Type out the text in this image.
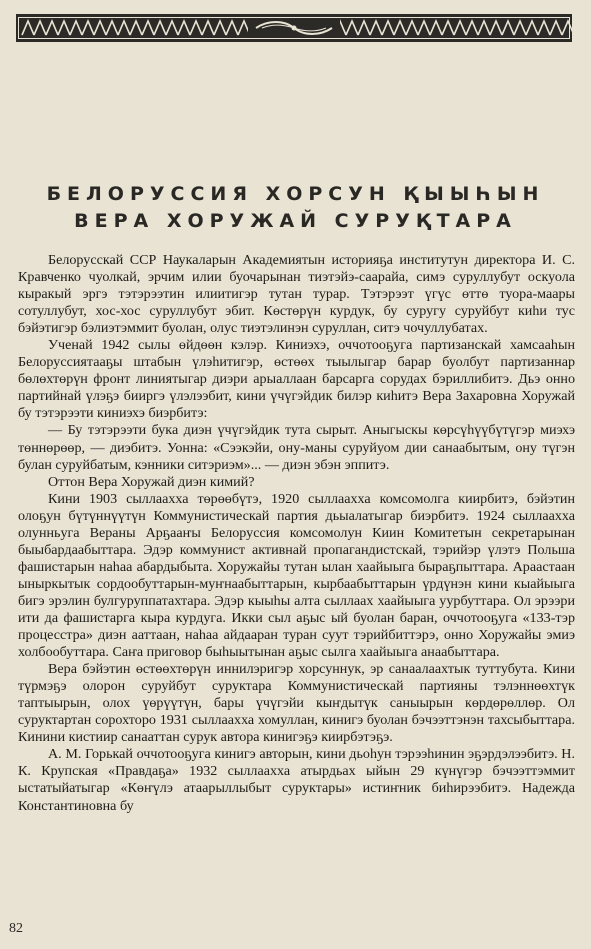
БЕЛОРУССИЯ ХОРСУН ҚЫЫҺЫН
ВЕРА ХОРУЖАЙ СУРУҚТАРА

Белорусскай ССР Наукаларын Академиятын историяҕа институтун директора И. С. Кравченко чуолкай, эрчим илии буочарынан тиэтэйэ-саарайа, симэ суруллубут оскуола кыракый эргэ тэтэрээтин илиитигэр тутан турар. Тэтэрээт үгүс өттө туора-маары сотуллубут, хос-хос суруллубут эбит. Көстөрүн курдук, бу суругу суруйбут киһи тус бэйэтигэр бэлиэтэммит буолан, олус тиэтэлинэн суруллан, ситэ чочуллубатах.

Ученай 1942 сылы өйдөөн кэлэр. Киниэхэ, оччотооҕуга партизанскай хамсааһын Белоруссиятааҕы штабын үлэһитигэр, өстөөх тыылыгар барар буолбут партизаннар бөлөхтөрүн фронт линиятыгар диэри арыаллаан барсарга сорудах бэриллибитэ. Дьэ онно партийнай үлэҕэ бииргэ үлэлээбит, кини үчүгэйдик билэр киһитэ Вера Захаровна Хоружай бу тэтэрээти киниэхэ биэрбитэ:

— Бу тэтэрээти бука диэн үчүгэйдик тута сырыт. Аныгыскы көрсүһүүбүтүгэр миэхэ төннөрөөр, — диэбитэ. Уонна: «Сээкэйи, ону-маны суруйуом дии санаабытым, ону түгэн булан суруйбатым, кэнники ситэриэм»... — диэн эбэн эппитэ.

Оттон Вера Хоружай диэн кимий?

Кини 1903 сыллаахха төрөөбүтэ, 1920 сыллаахха комсомолга киирбитэ, бэйэтин олоҕун бүтүннүүтүн Коммунистическай партия дьыалатыгар биэрбитэ. 1924 сыллаахха олунньуга Вераны Арҕааҥы Белоруссия комсомолун Киин Комитетын секретарынан быыбардаабыттара. Эдэр коммунист активнай пропагандистскай, тэрийэр үлэтэ Польша фашистарын наһаа абардыбыта. Хоружайы тутан ылан хаайыыга быраҕпыттара. Араастаан ыныркытык сордообуттарын-муҥнаабыттарын, кырбаабыттарын үрдүнэн кини кыайыыга бигэ эрэлин булгуруппатахтара. Эдэр кыыһы алта сыллаах хаайыыга уурбуттара. Ол эрээри ити да фашистарга кыра курдуга. Икки сыл аҕыс ый буолан баран, оччотооҕуга «133-тэр процесстра» диэн ааттаан, наһаа айдааран туран суут тэрийбиттэрэ, онно Хоружайы эмиэ холбообуттара. Саҥа приговор быһыытынан аҕыс сылга хаайыыга анаабыттара.

Вера бэйэтин өстөөхтөрүн иннилэригэр хорсуннук, эр санаалаахтык туттубута. Кини түрмэҕэ олорон суруйбут суруктара Коммунистическай партияны тэлэннөөхтүк таптыырын, олох үөрүүтүн, бары үчүгэйи кыҥдытүк саныырын көрдөрөллөр. Ол суруктартан сорохторо 1931 сыллаахха хомуллан, кинигэ буолан бэчээттэнэн тахсыбыттара. Кинини кистиир санааттан сурук автора кинигэҕэ киирбэтэҕэ.

А. М. Горькай оччотооҕуга кинигэ авторын, кини дьоһун тэрээһинин эҕэрдэлээбитэ. Н. К. Крупская «Правдаҕа» 1932 сыллаахха атырдьах ыйын 29 күнүгэр бэчээттэммит ыстатыйатыгар «Көҥүлэ атаарыллыбыт суруктары» истиҥник биһирээбитэ. Надежда Константиновна бу

82
